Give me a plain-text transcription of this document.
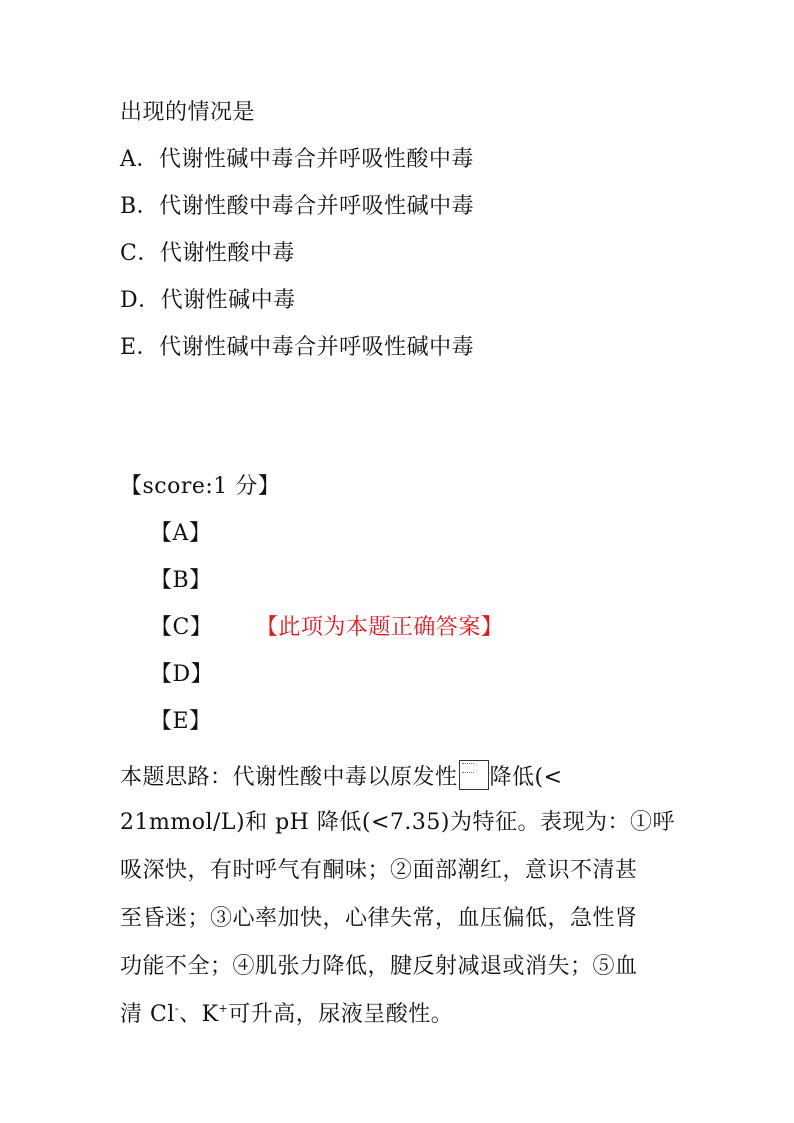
出现的情况是
A．代谢性碱中毒合并呼吸性酸中毒
B．代谢性酸中毒合并呼吸性碱中毒
C．代谢性酸中毒
D．代谢性碱中毒
E．代谢性碱中毒合并呼吸性碱中毒
【score:1 分】
【A】
【B】
【C】 【此项为本题正确答案】
【D】
【E】
本题思路：代谢性酸中毒以原发性 降低(<
21mmol/L)和 pH 降低(<7.35)为特征。表现为：①呼
吸深快，有时呼气有酮味；②面部潮红，意识不清甚
至昏迷；③心率加快，心律失常，血压偏低，急性肾
功能不全；④肌张力降低，腱反射减退或消失；⑤血
清 Cl-、K+可升高，尿液呈酸性。
